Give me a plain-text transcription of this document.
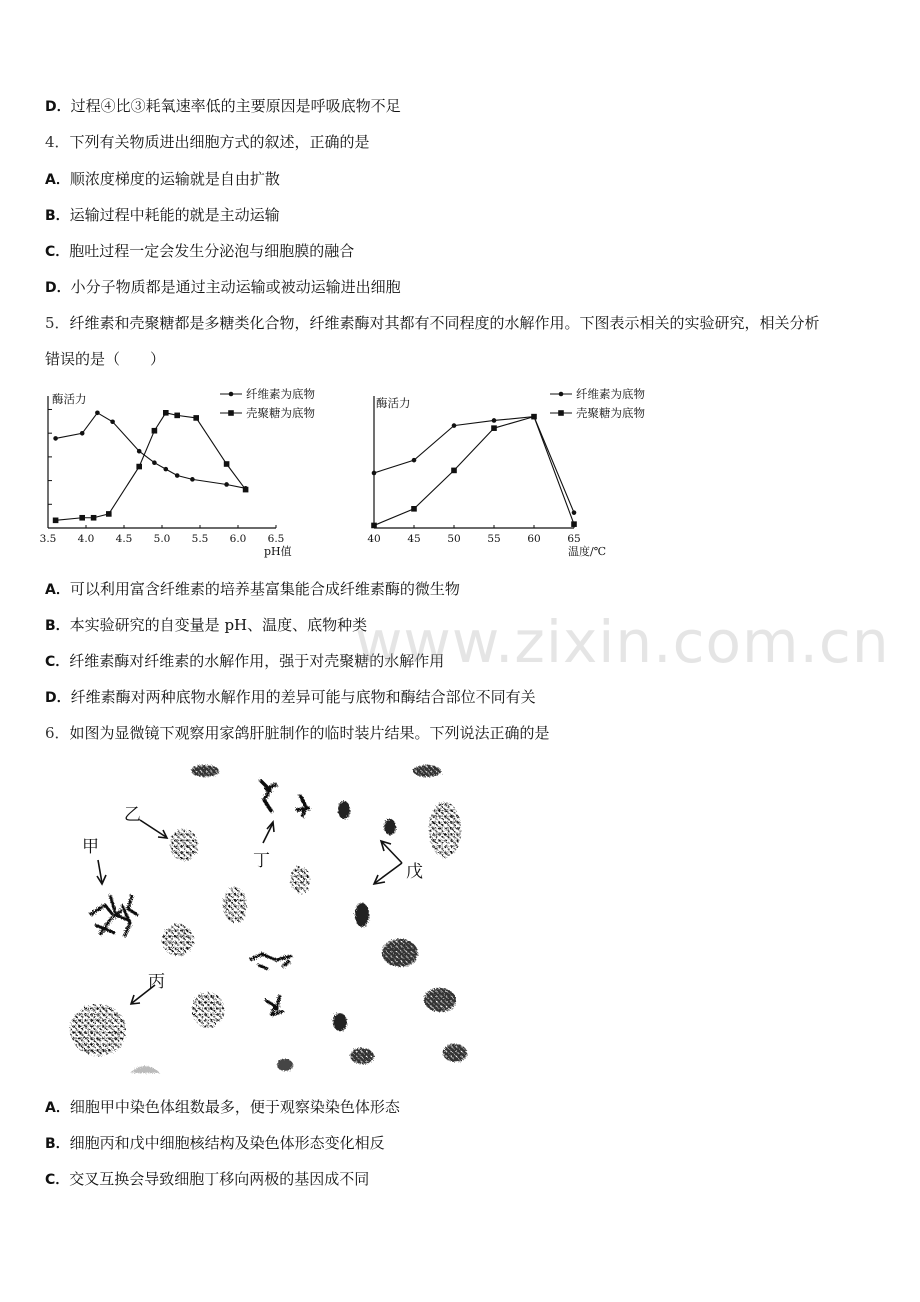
D．过程④比③耗氧速率低的主要原因是呼吸底物不足
4．下列有关物质进出细胞方式的叙述，正确的是
A．顺浓度梯度的运输就是自由扩散
B．运输过程中耗能的就是主动运输
C．胞吐过程一定会发生分泌泡与细胞膜的融合
D．小分子物质都是通过主动运输或被动运输进出细胞
5．纤维素和壳聚糖都是多糖类化合物，纤维素酶对其都有不同程度的水解作用。下图表示相关的实验研究，相关分析
错误的是（　　）
3.5 4.0 4.5 5.0 5.5 6.0 6.5
酶活力
pH值
纤维素为底物
壳聚糖为底物
40	45	50	55	60	65
酶活力
温度/℃
纤维素为底物
壳聚糖为底物
A．可以利用富含纤维素的培养基富集能合成纤维素酶的微生物
B．本实验研究的自变量是 pH、温度、底物种类
C．纤维素酶对纤维素的水解作用，强于对壳聚糖的水解作用
D．纤维素酶对两种底物水解作用的差异可能与底物和酶结合部位不同有关
6．如图为显微镜下观察用家鸽肝脏制作的临时装片结果。下列说法正确的是
甲
乙
丁
戊
丙
A．细胞甲中染色体组数最多，便于观察染染色体形态
B．细胞丙和戊中细胞核结构及染色体形态变化相反
C．交叉互换会导致细胞丁移向两极的基因成不同
www.zixin.com.cn
